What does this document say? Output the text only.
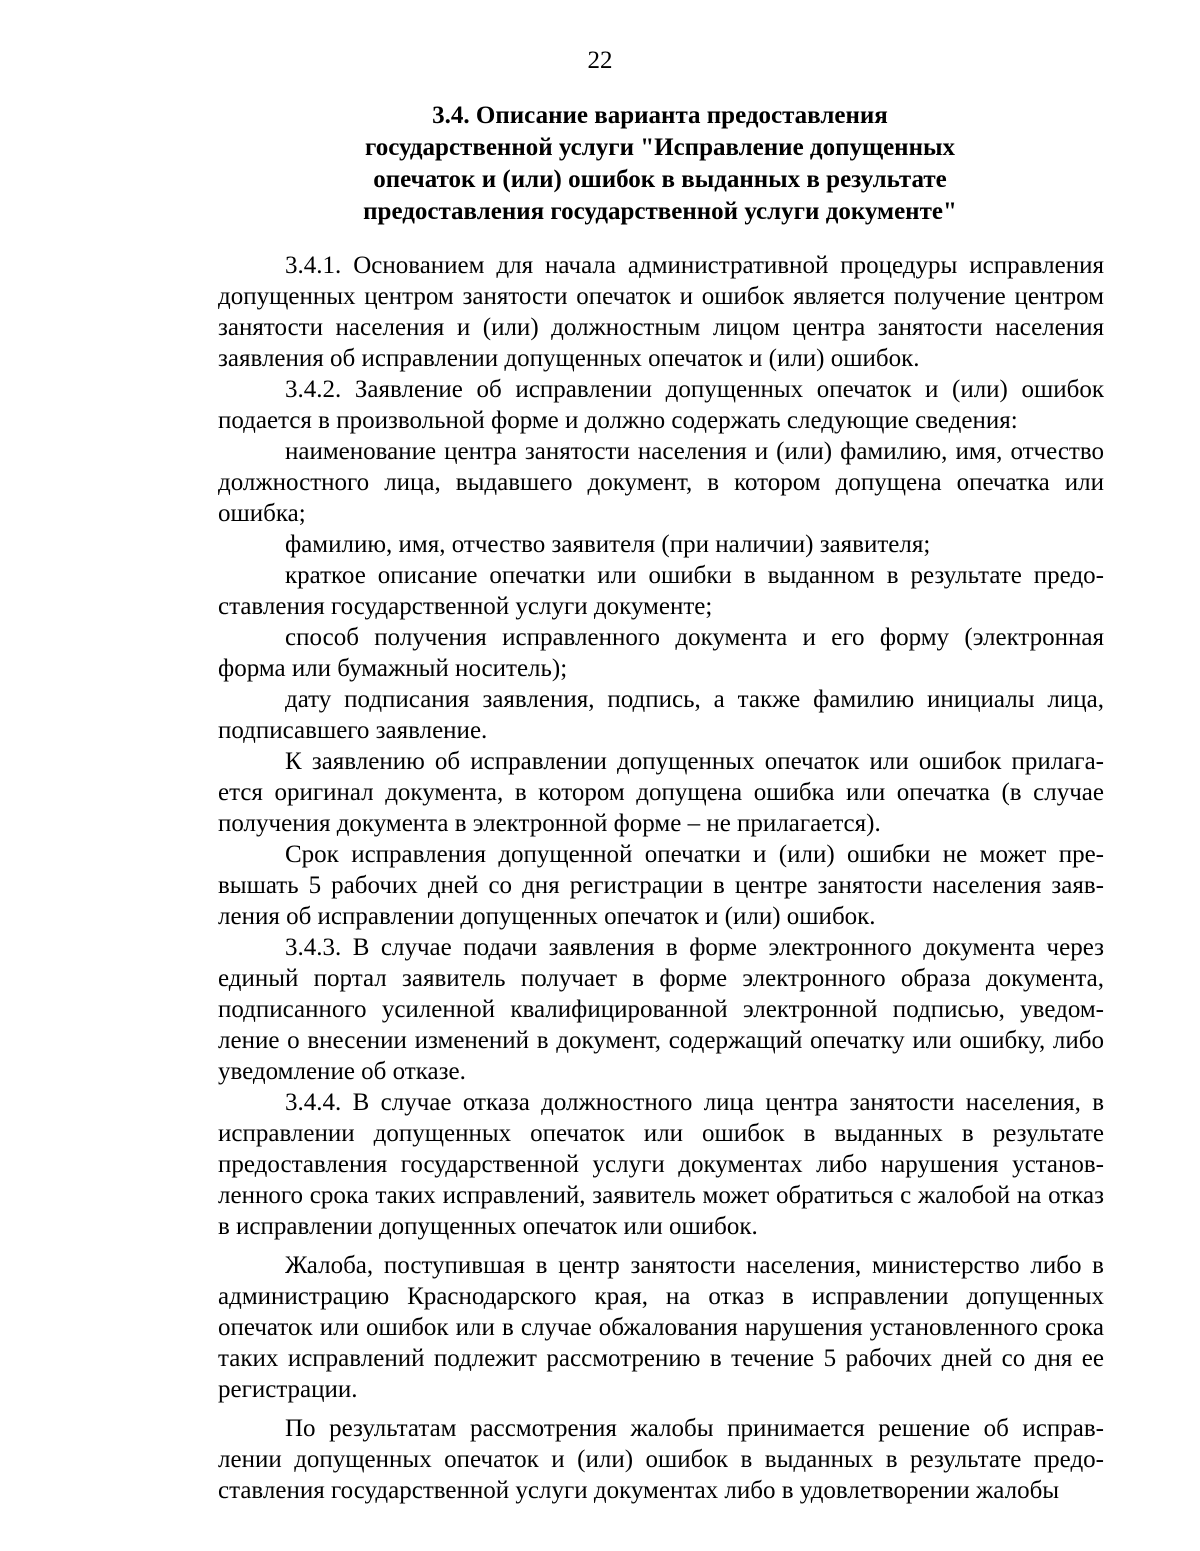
22
3.4. Описание варианта предоставления
государственной услуги "Исправление допущенных
опечаток и (или) ошибок в выданных в результате
предоставления государственной услуги документе"

3.4.1. Основанием для начала административной процедуры исправления допущенных центром занятости опечаток и ошибок является получение центром занятости населения и (или) должностным лицом центра занятости населения заявления об исправлении допущенных опечаток и (или) ошибок.

3.4.2. Заявление об исправлении допущенных опечаток и (или) ошибок подается в произвольной форме и должно содержать следующие сведения:

наименование центра занятости населения и (или) фамилию, имя, отчество должностного лица, выдавшего документ, в котором допущена опечатка или ошибка;

фамилию, имя, отчество заявителя (при наличии) заявителя;

краткое описание опечатки или ошибки в выданном в результате предоставления государственной услуги документе;

способ получения исправленного документа и его форму (электронная форма или бумажный носитель);

дату подписания заявления, подпись, а также фамилию инициалы лица, подписавшего заявление.

К заявлению об исправлении допущенных опечаток или ошибок прилагается оригинал документа, в котором допущена ошибка или опечатка (в случае получения документа в электронной форме – не прилагается).

Срок исправления допущенной опечатки и (или) ошибки не может превышать 5 рабочих дней со дня регистрации в центре занятости населения заявления об исправлении допущенных опечаток и (или) ошибок.

3.4.3. В случае подачи заявления в форме электронного документа через единый портал заявитель получает в форме электронного образа документа, подписанного усиленной квалифицированной электронной подписью, уведомление о внесении изменений в документ, содержащий опечатку или ошибку, либо уведомление об отказе.

3.4.4. В случае отказа должностного лица центра занятости населения, в исправлении допущенных опечаток или ошибок в выданных в результате предоставления государственной услуги документах либо нарушения установленного срока таких исправлений, заявитель может обратиться с жалобой на отказ в исправлении допущенных опечаток или ошибок.

Жалоба, поступившая в центр занятости населения, министерство либо в администрацию Краснодарского края, на отказ в исправлении допущенных опечаток или ошибок или в случае обжалования нарушения установленного срока таких исправлений подлежит рассмотрению в течение 5 рабочих дней со дня ее регистрации.

По результатам рассмотрения жалобы принимается решение об исправлении допущенных опечаток и (или) ошибок в выданных в результате предоставления государственной услуги документах либо в удовлетворении жалобы
